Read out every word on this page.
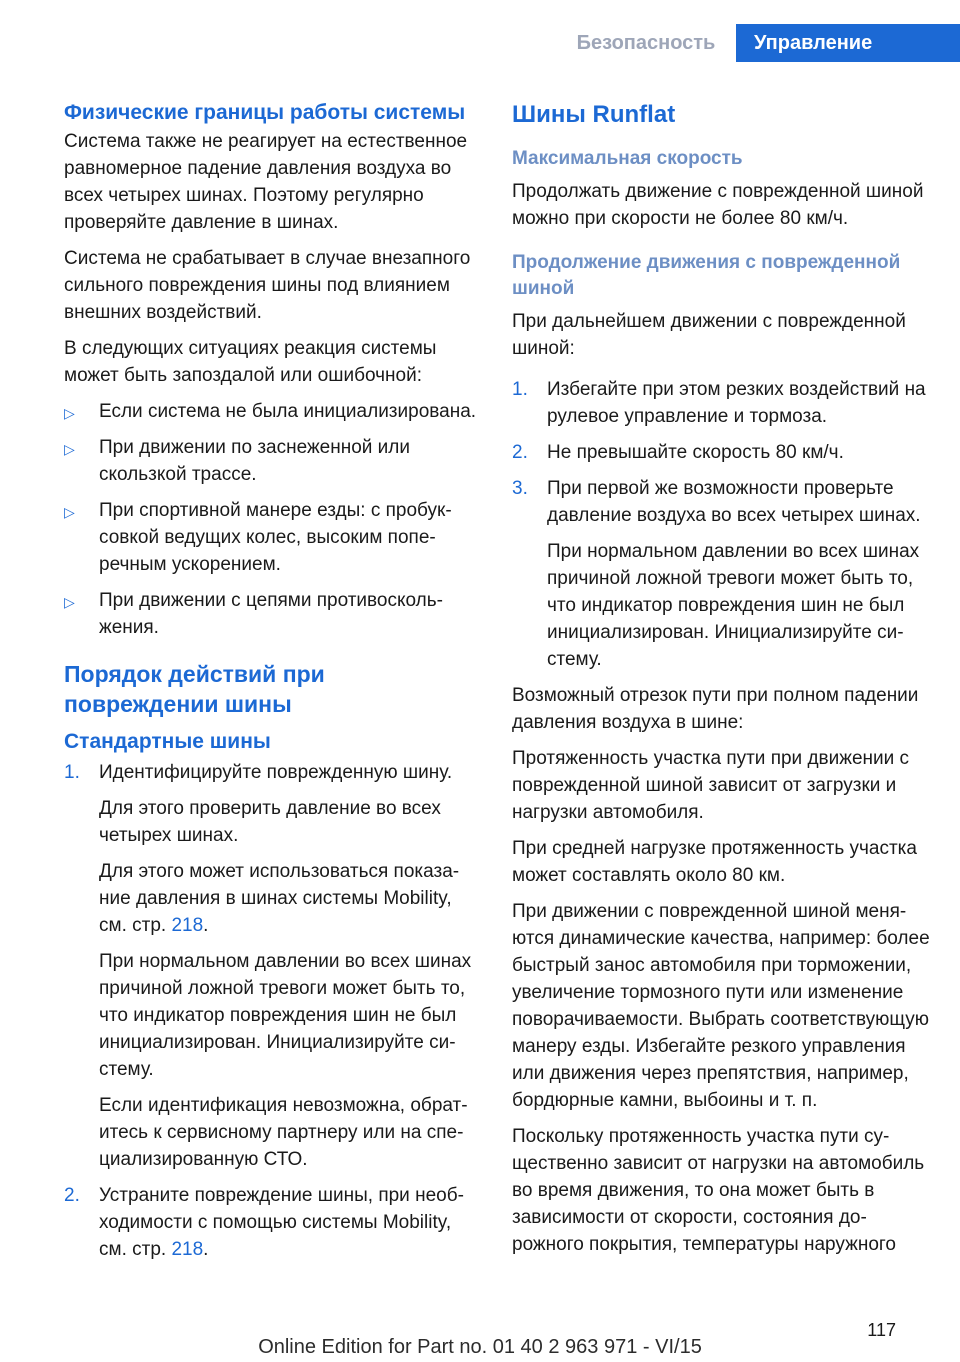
Безопасность	Управление
Физические границы работы системы
Система также не реагирует на естественное равномерное падение давления воздуха во всех четырех шинах. Поэтому регулярно проверяйте давление в шинах.
Система не срабатывает в случае внезапного сильного повреждения шины под влиянием внешних воздействий.
В следующих ситуациях реакция системы может быть запоздалой или ошибочной:
▷ Если система не была инициализирована.
▷ При движении по заснеженной или скользкой трассе.
▷ При спортивной манере езды: с пробуксовкой ведущих колес, высоким поперечным ускорением.
▷ При движении с цепями противоскольжения.
Порядок действий при повреждении шины
Стандартные шины
1. Идентифицируйте поврежденную шину.
Для этого проверить давление во всех четырех шинах.
Для этого может использоваться показание давления в шинах системы Mobility, см. стр. 218.
При нормальном давлении во всех шинах причиной ложной тревоги может быть то, что индикатор повреждения шин не был инициализирован. Инициализируйте систему.
Если идентификация невозможна, обратитесь к сервисному партнеру или на специализированную СТО.
2. Устраните повреждение шины, при необходимости с помощью системы Mobility, см. стр. 218.
Шины Runflat
Максимальная скорость
Продолжать движение с поврежденной шиной можно при скорости не более 80 км/ч.
Продолжение движения с поврежденной шиной
При дальнейшем движении с поврежденной шиной:
1. Избегайте при этом резких воздействий на рулевое управление и тормоза.
2. Не превышайте скорость 80 км/ч.
3. При первой же возможности проверьте давление воздуха во всех четырех шинах.
При нормальном давлении во всех шинах причиной ложной тревоги может быть то, что индикатор повреждения шин не был инициализирован. Инициализируйте систему.
Возможный отрезок пути при полном падении давления воздуха в шине:
Протяженность участка пути при движении с поврежденной шиной зависит от загрузки и нагрузки автомобиля.
При средней нагрузке протяженность участка может составлять около 80 км.
При движении с поврежденной шиной меняются динамические качества, например: более быстрый занос автомобиля при торможении, увеличение тормозного пути или изменение поворачиваемости. Выбрать соответствующую манеру езды. Избегайте резкого управления или движения через препятствия, например, бордюрные камни, выбоины и т. п.
Поскольку протяженность участка пути существенно зависит от нагрузки на автомобиль во время движения, то она может быть в зависимости от скорости, состояния дорожного покрытия, температуры наружного
117
Online Edition for Part no. 01 40 2 963 971 - VI/15
